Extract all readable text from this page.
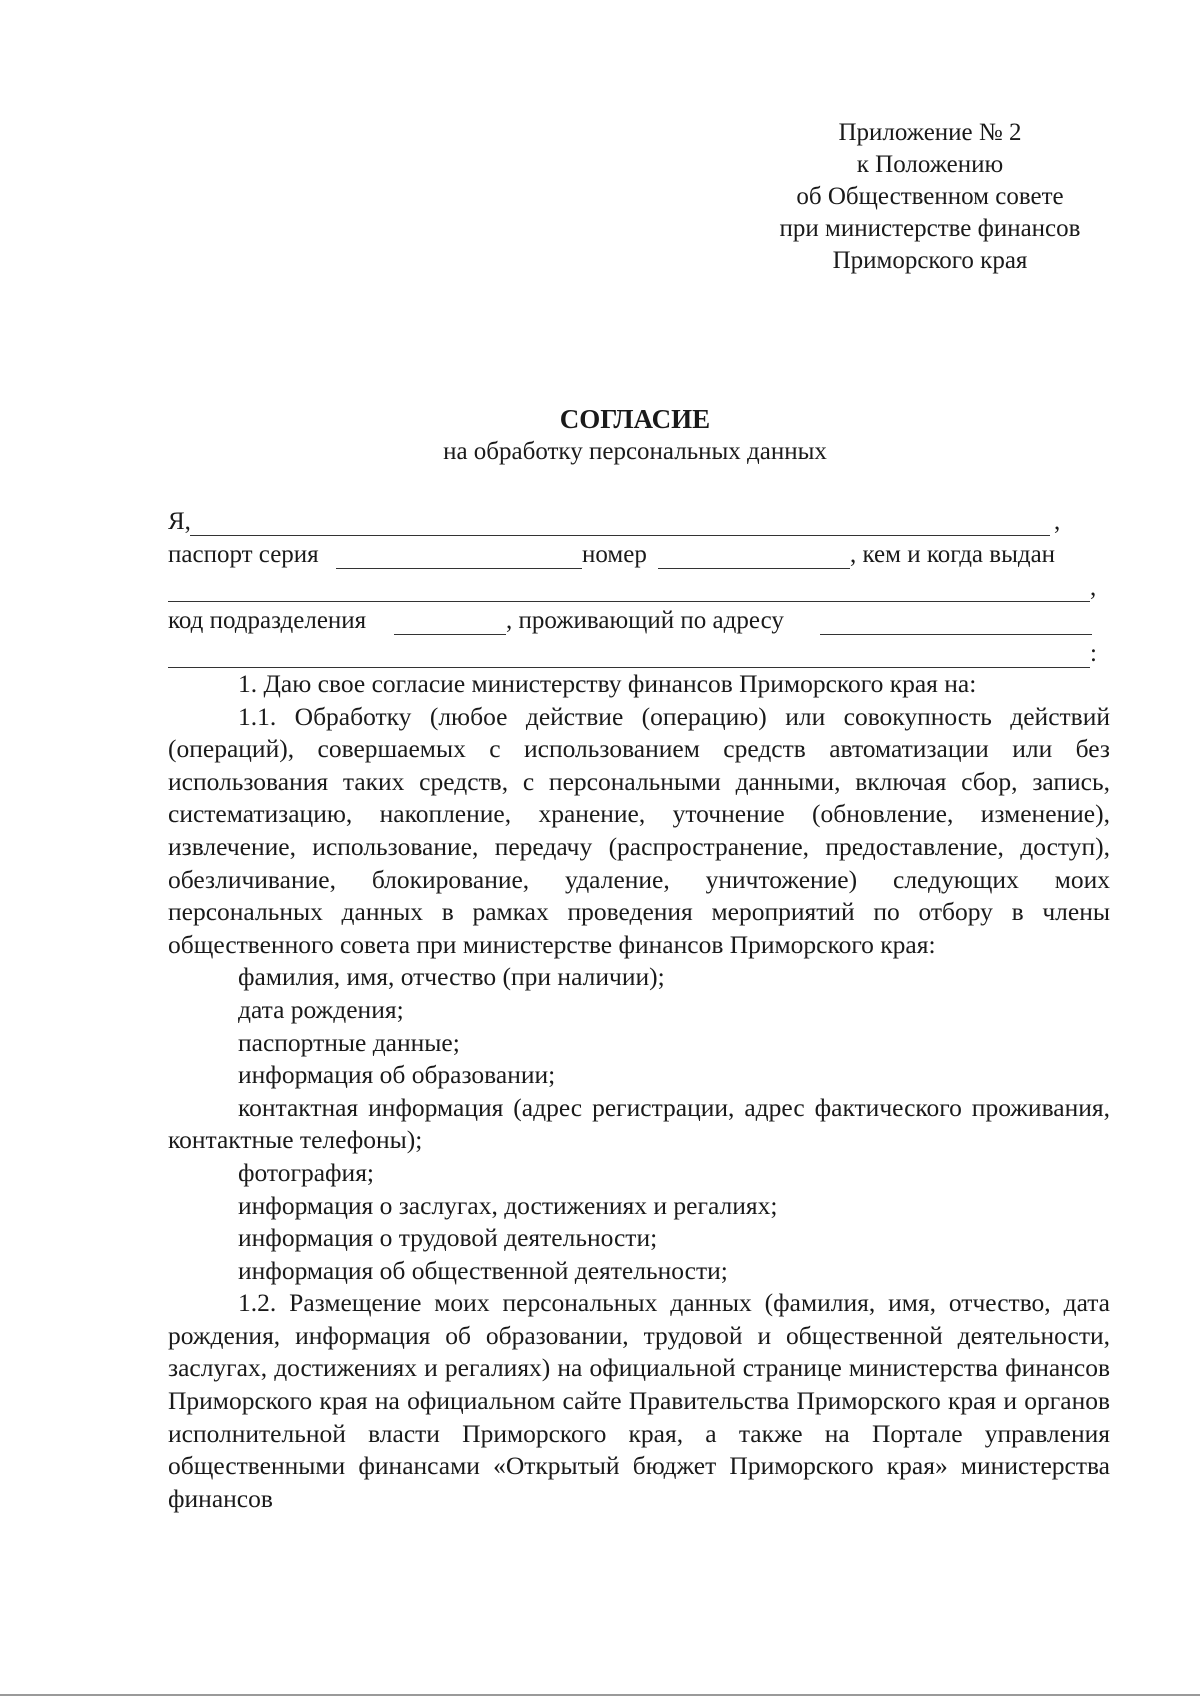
Приложение № 2
к Положению
об Общественном совете
при министерстве финансов
Приморского края
СОГЛАСИЕ
на обработку персональных данных
Я,	,
паспорт серия	номер	, кем и когда выдан
,
код подразделения	, проживающий по адресу
:

1. Даю свое согласие министерству финансов Приморского края на:

1.1. Обработку (любое действие (операцию) или совокупность действий (операций), совершаемых с использованием средств автоматизации или без использования таких средств, с персональными данными, включая сбор, запись, систематизацию, накопление, хранение, уточнение (обновление, изменение), извлечение, использование, передачу (распространение, предоставление, доступ), обезличивание, блокирование, удаление, уничтожение) следующих моих персональных данных в рамках проведения мероприятий по отбору в члены общественного совета при министерстве финансов Приморского края:

фамилия, имя, отчество (при наличии);

дата рождения;

паспортные данные;

информация об образовании;

контактная информация (адрес регистрации, адрес фактического проживания, контактные телефоны);

фотография;

информация о заслугах, достижениях и регалиях;

информация о трудовой деятельности;

информация об общественной деятельности;

1.2. Размещение моих персональных данных (фамилия, имя, отчество, дата рождения, информация об образовании, трудовой и общественной деятельности, заслугах, достижениях и регалиях) на официальной странице министерства финансов Приморского края на официальном сайте Правительства Приморского края и органов исполнительной власти Приморского края, а также на Портале управления общественными финансами «Открытый бюджет Приморского края» министерства финансов
